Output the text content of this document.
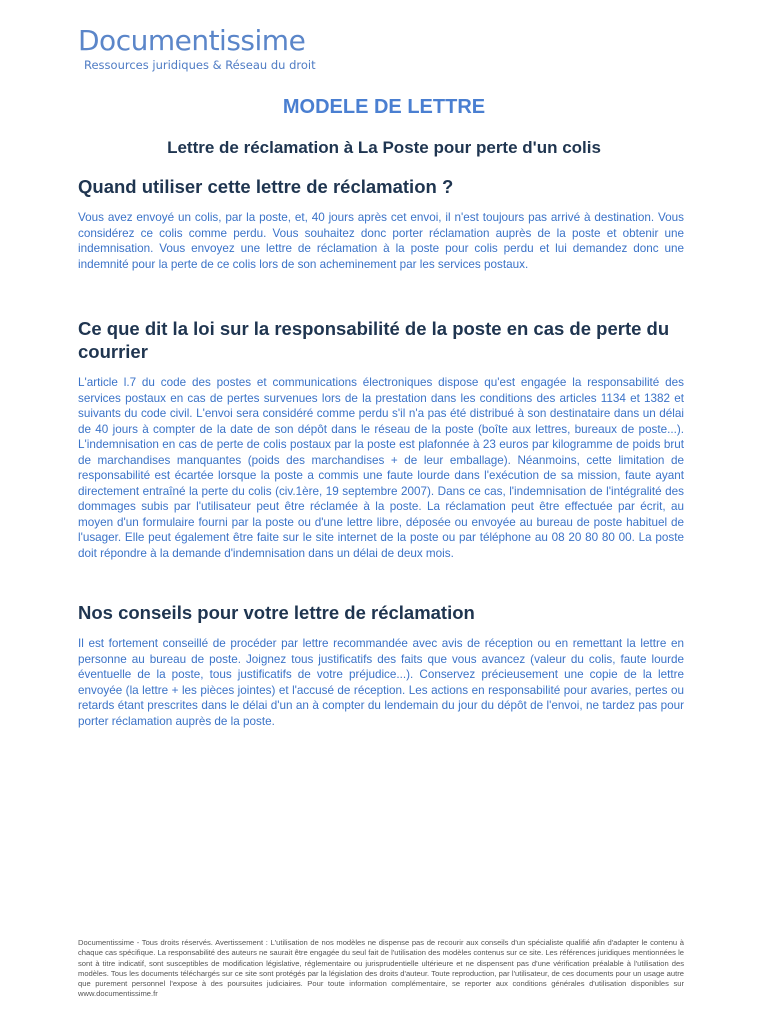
Documentissime
Ressources juridiques & Réseau du droit
MODELE DE LETTRE
Lettre de réclamation à La Poste pour perte d'un colis
Quand utiliser cette lettre de réclamation ?

Vous avez envoyé un colis, par la poste, et, 40 jours après cet envoi, il n'est toujours pas arrivé à destination. Vous considérez ce colis comme perdu. Vous souhaitez donc porter réclamation auprès de la poste et obtenir une indemnisation. Vous envoyez une lettre de réclamation à la poste pour colis perdu et lui demandez donc une indemnité pour la perte de ce colis lors de son acheminement par les services postaux.

Ce que dit la loi sur la responsabilité de la poste en cas de perte du courrier

L'article l.7 du code des postes et communications électroniques dispose qu'est engagée la responsabilité des services postaux en cas de pertes survenues lors de la prestation dans les conditions des articles 1134 et 1382 et suivants du code civil. L'envoi sera considéré comme perdu s'il n'a pas été distribué à son destinataire dans un délai de 40 jours à compter de la date de son dépôt dans le réseau de la poste (boîte aux lettres, bureaux de poste...). L'indemnisation en cas de perte de colis postaux par la poste est plafonnée à 23 euros par kilogramme de poids brut de marchandises manquantes (poids des marchandises + de leur emballage). Néanmoins, cette limitation de responsabilité est écartée lorsque la poste a commis une faute lourde dans l'exécution de sa mission, faute ayant directement entraîné la perte du colis (civ.1ère, 19 septembre 2007). Dans ce cas, l'indemnisation de l'intégralité des dommages subis par l'utilisateur peut être réclamée à la poste. La réclamation peut être effectuée par écrit, au moyen d'un formulaire fourni par la poste ou d'une lettre libre, déposée ou envoyée au bureau de poste habituel de l'usager. Elle peut également être faite sur le site internet de la poste ou par téléphone au 08 20 80 80 00. La poste doit répondre à la demande d'indemnisation dans un délai de deux mois.

Nos conseils pour votre lettre de réclamation

Il est fortement conseillé de procéder par lettre recommandée avec avis de réception ou en remettant la lettre en personne au bureau de poste. Joignez tous justificatifs des faits que vous avancez (valeur du colis, faute lourde éventuelle de la poste, tous justificatifs de votre préjudice...). Conservez précieusement une copie de la lettre envoyée (la lettre + les pièces jointes) et l'accusé de réception. Les actions en responsabilité pour avaries, pertes ou retards étant prescrites dans le délai d'un an à compter du lendemain du jour du dépôt de l'envoi, ne tardez pas pour porter réclamation auprès de la poste.

Documentissime - Tous droits réservés. Avertissement : L'utilisation de nos modèles ne dispense pas de recourir aux conseils d'un spécialiste qualifié afin d'adapter le contenu à chaque cas spécifique. La responsabilité des auteurs ne saurait être engagée du seul fait de l'utilisation des modèles contenus sur ce site. Les références juridiques mentionnées le sont à titre indicatif, sont susceptibles de modification législative, réglementaire ou jurisprudentielle ultérieure et ne dispensent pas d'une vérification préalable à l'utilisation des modèles. Tous les documents téléchargés sur ce site sont protégés par la législation des droits d'auteur. Toute reproduction, par l'utilisateur, de ces documents pour un usage autre que purement personnel l'expose à des poursuites judiciaires. Pour toute information complémentaire, se reporter aux conditions générales d'utilisation disponibles sur www.documentissime.fr
